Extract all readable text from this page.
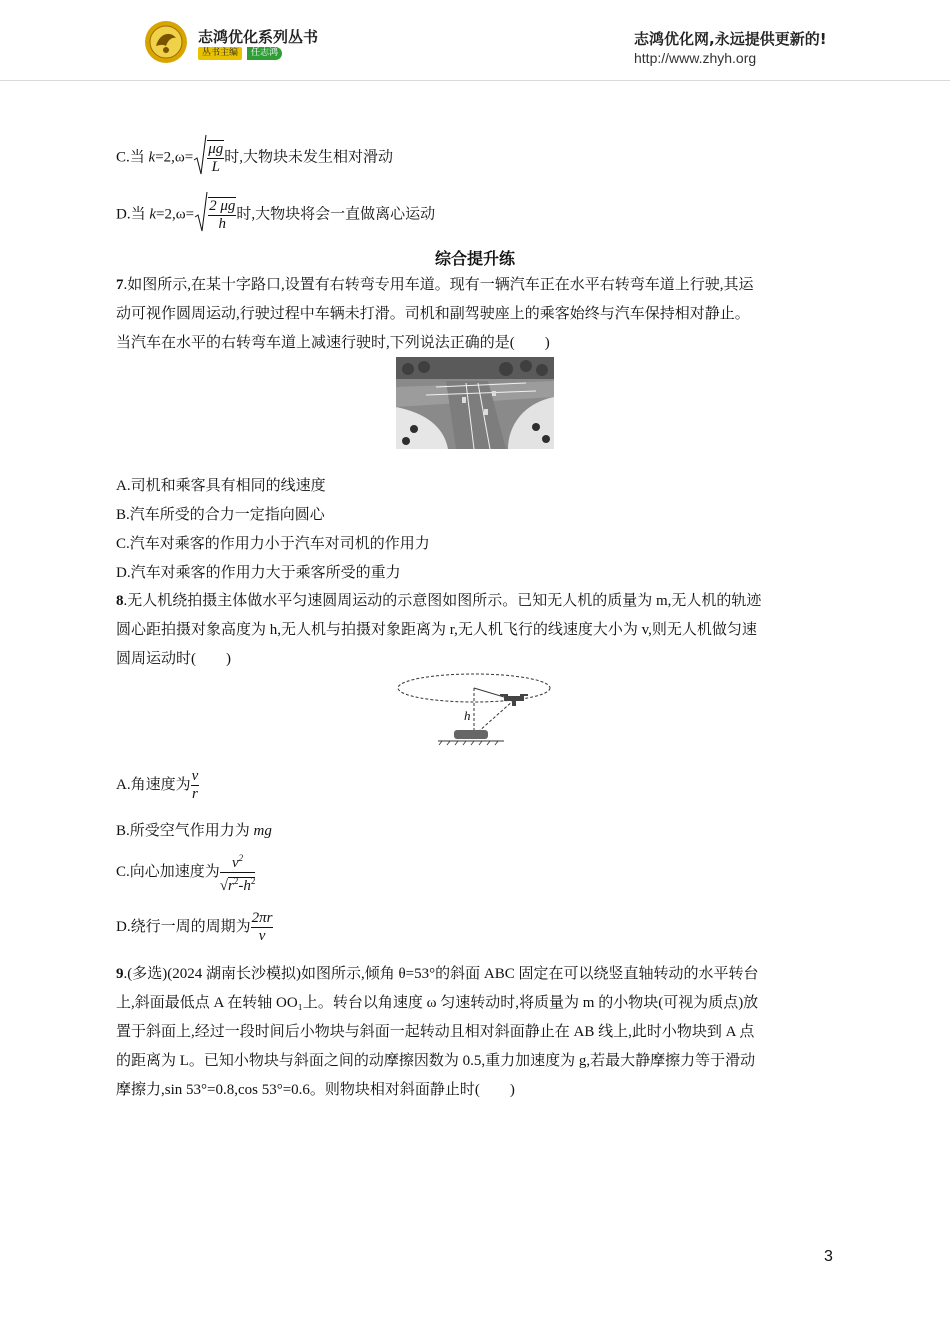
志鸿优化系列丛书
丛书主编	任志鸿
志鸿优化网,永远提供更新的!
http://www.zhyh.org
C.当 $k=2,\omega= \frac{\mu g}{L}$ 时,大物块未发生相对滑动
D.当 $k=2,\omega= \frac{2 \mu g}{h}$ 时,大物块将会一直做离心运动
综合提升练
7.如图所示,在某十字路口,设置有右转弯专用车道。现有一辆汽车正在水平右转弯车道上行驶,其运
动可视作圆周运动,行驶过程中车辆未打滑。司机和副驾驶座上的乘客始终与汽车保持相对静止。
当汽车在水平的右转弯车道上减速行驶时,下列说法正确的是(　　)
A.司机和乘客具有相同的线速度
B.汽车所受的合力一定指向圆心
C.汽车对乘客的作用力小于汽车对司机的作用力
D.汽车对乘客的作用力大于乘客所受的重力
8.无人机绕拍摄主体做水平匀速圆周运动的示意图如图所示。已知无人机的质量为 m,无人机的轨迹
圆心距拍摄对象高度为 h,无人机与拍摄对象距离为 r,无人机飞行的线速度大小为 v,则无人机做匀速
圆周运动时(　　)
h
A.角速度为 $\frac{v}{r}$
B.所受空气作用力为 mg
C.向心加速度为 $\frac{v^2}{√r^2-h^2}$
D.绕行一周的周期为 $\frac{2\pi r}{v}$
9.(多选)(2024 湖南长沙模拟)如图所示,倾角 θ=53°的斜面 ABC 固定在可以绕竖直轴转动的水平转台
上,斜面最低点 A 在转轴 OO₁上。转台以角速度 ω 匀速转动时,将质量为 m 的小物块(可视为质点)放
置于斜面上,经过一段时间后小物块与斜面一起转动且相对斜面静止在 AB 线上,此时小物块到 A 点
的距离为 L。已知小物块与斜面之间的动摩擦因数为 0.5,重力加速度为 g,若最大静摩擦力等于滑动
摩擦力,sin 53°=0.8,cos 53°=0.6。则物块相对斜面静止时(　　)
3
